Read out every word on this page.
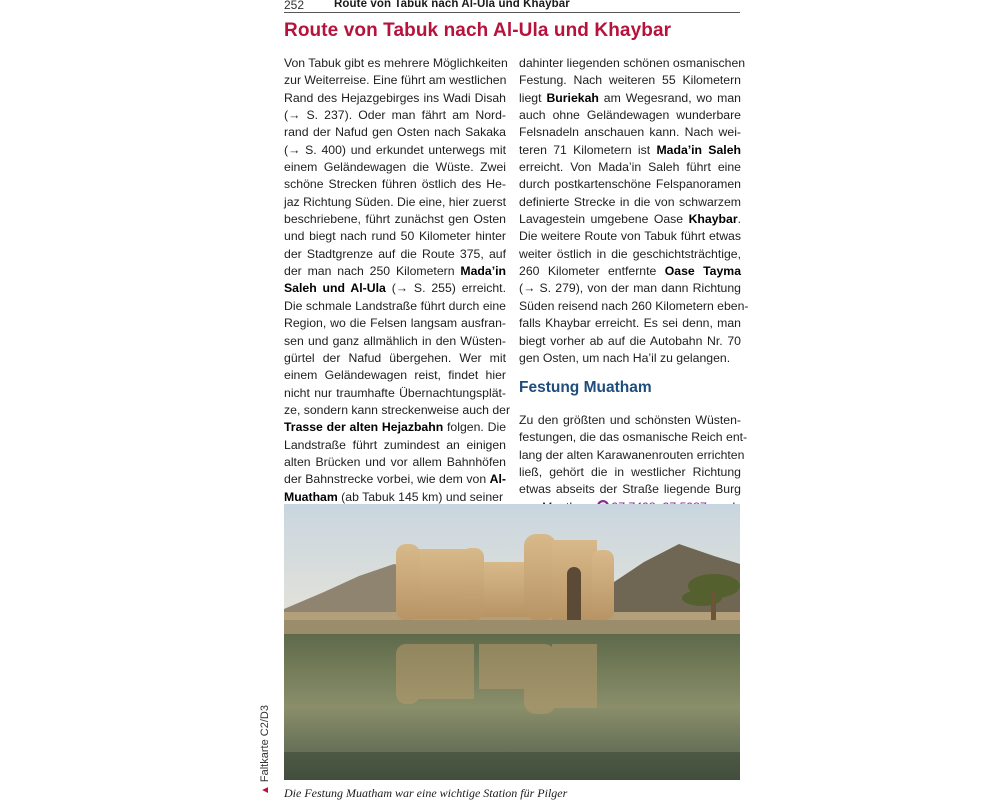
252	Route von Tabuk nach Al-Ula und Khaybar
Route von Tabuk nach Al-Ula und Khaybar
Von Tabuk gibt es mehrere Möglichkeiten
zur Weiterreise. Eine führt am westlichen
Rand des Hejazgebirges ins Wadi Disah
(→ S. 237). Oder man fährt am Nord-
rand der Nafud gen Osten nach Sakaka
(→ S. 400) und erkundet unterwegs mit
einem Geländewagen die Wüste. Zwei
schöne Strecken führen östlich des He-
jaz Richtung Süden. Die eine, hier zuerst
beschriebene, führt zunächst gen Osten
und biegt nach rund 50 Kilometer hinter
der Stadtgrenze auf die Route 375, auf
der man nach 250 Kilometern Mada’in
Saleh und Al-Ula (→ S. 255) erreicht.
Die schmale Landstraße führt durch eine
Region, wo die Felsen langsam ausfran-
sen und ganz allmählich in den Wüsten-
gürtel der Nafud übergehen. Wer mit
einem Geländewagen reist, findet hier
nicht nur traumhafte Übernachtungsplät-
ze, sondern kann streckenweise auch der
Trasse der alten Hejazbahn folgen. Die
Landstraße führt zumindest an einigen
alten Brücken und vor allem Bahnhöfen
der Bahnstrecke vorbei, wie dem von Al-
Muatham (ab Tabuk 145 km) und seiner
dahinter liegenden schönen osmanischen
Festung. Nach weiteren 55 Kilometern
liegt Buriekah am Wegesrand, wo man
auch ohne Geländewagen wunderbare
Felsnadeln anschauen kann. Nach wei-
teren 71 Kilometern ist Mada’in Saleh
erreicht. Von Mada’in Saleh führt eine
durch postkartenschöne Felspanoramen
definierte Strecke in die von schwarzem
Lavagestein umgebene Oase Khaybar.
Die weitere Route von Tabuk führt etwas
weiter östlich in die geschichtsträchtige,
260 Kilometer entfernte Oase Tayma
(→ S. 279), von der man dann Richtung
Süden reisend nach 260 Kilometern eben-
falls Khaybar erreicht. Es sei denn, man
biegt vorher ab auf die Autobahn Nr. 70
gen Osten, um nach Ha’il zu gelangen.
Festung Muatham
Zu den größten und schönsten Wüsten-
festungen, die das osmanische Reich ent-
lang der alten Karawanenrouten errichten
ließ, gehört die in westlicher Richtung
etwas abseits der Straße liegende Burg
Die Festung Muatham war eine wichtige Station für Pilger
▲Faltkarte C2/D3
